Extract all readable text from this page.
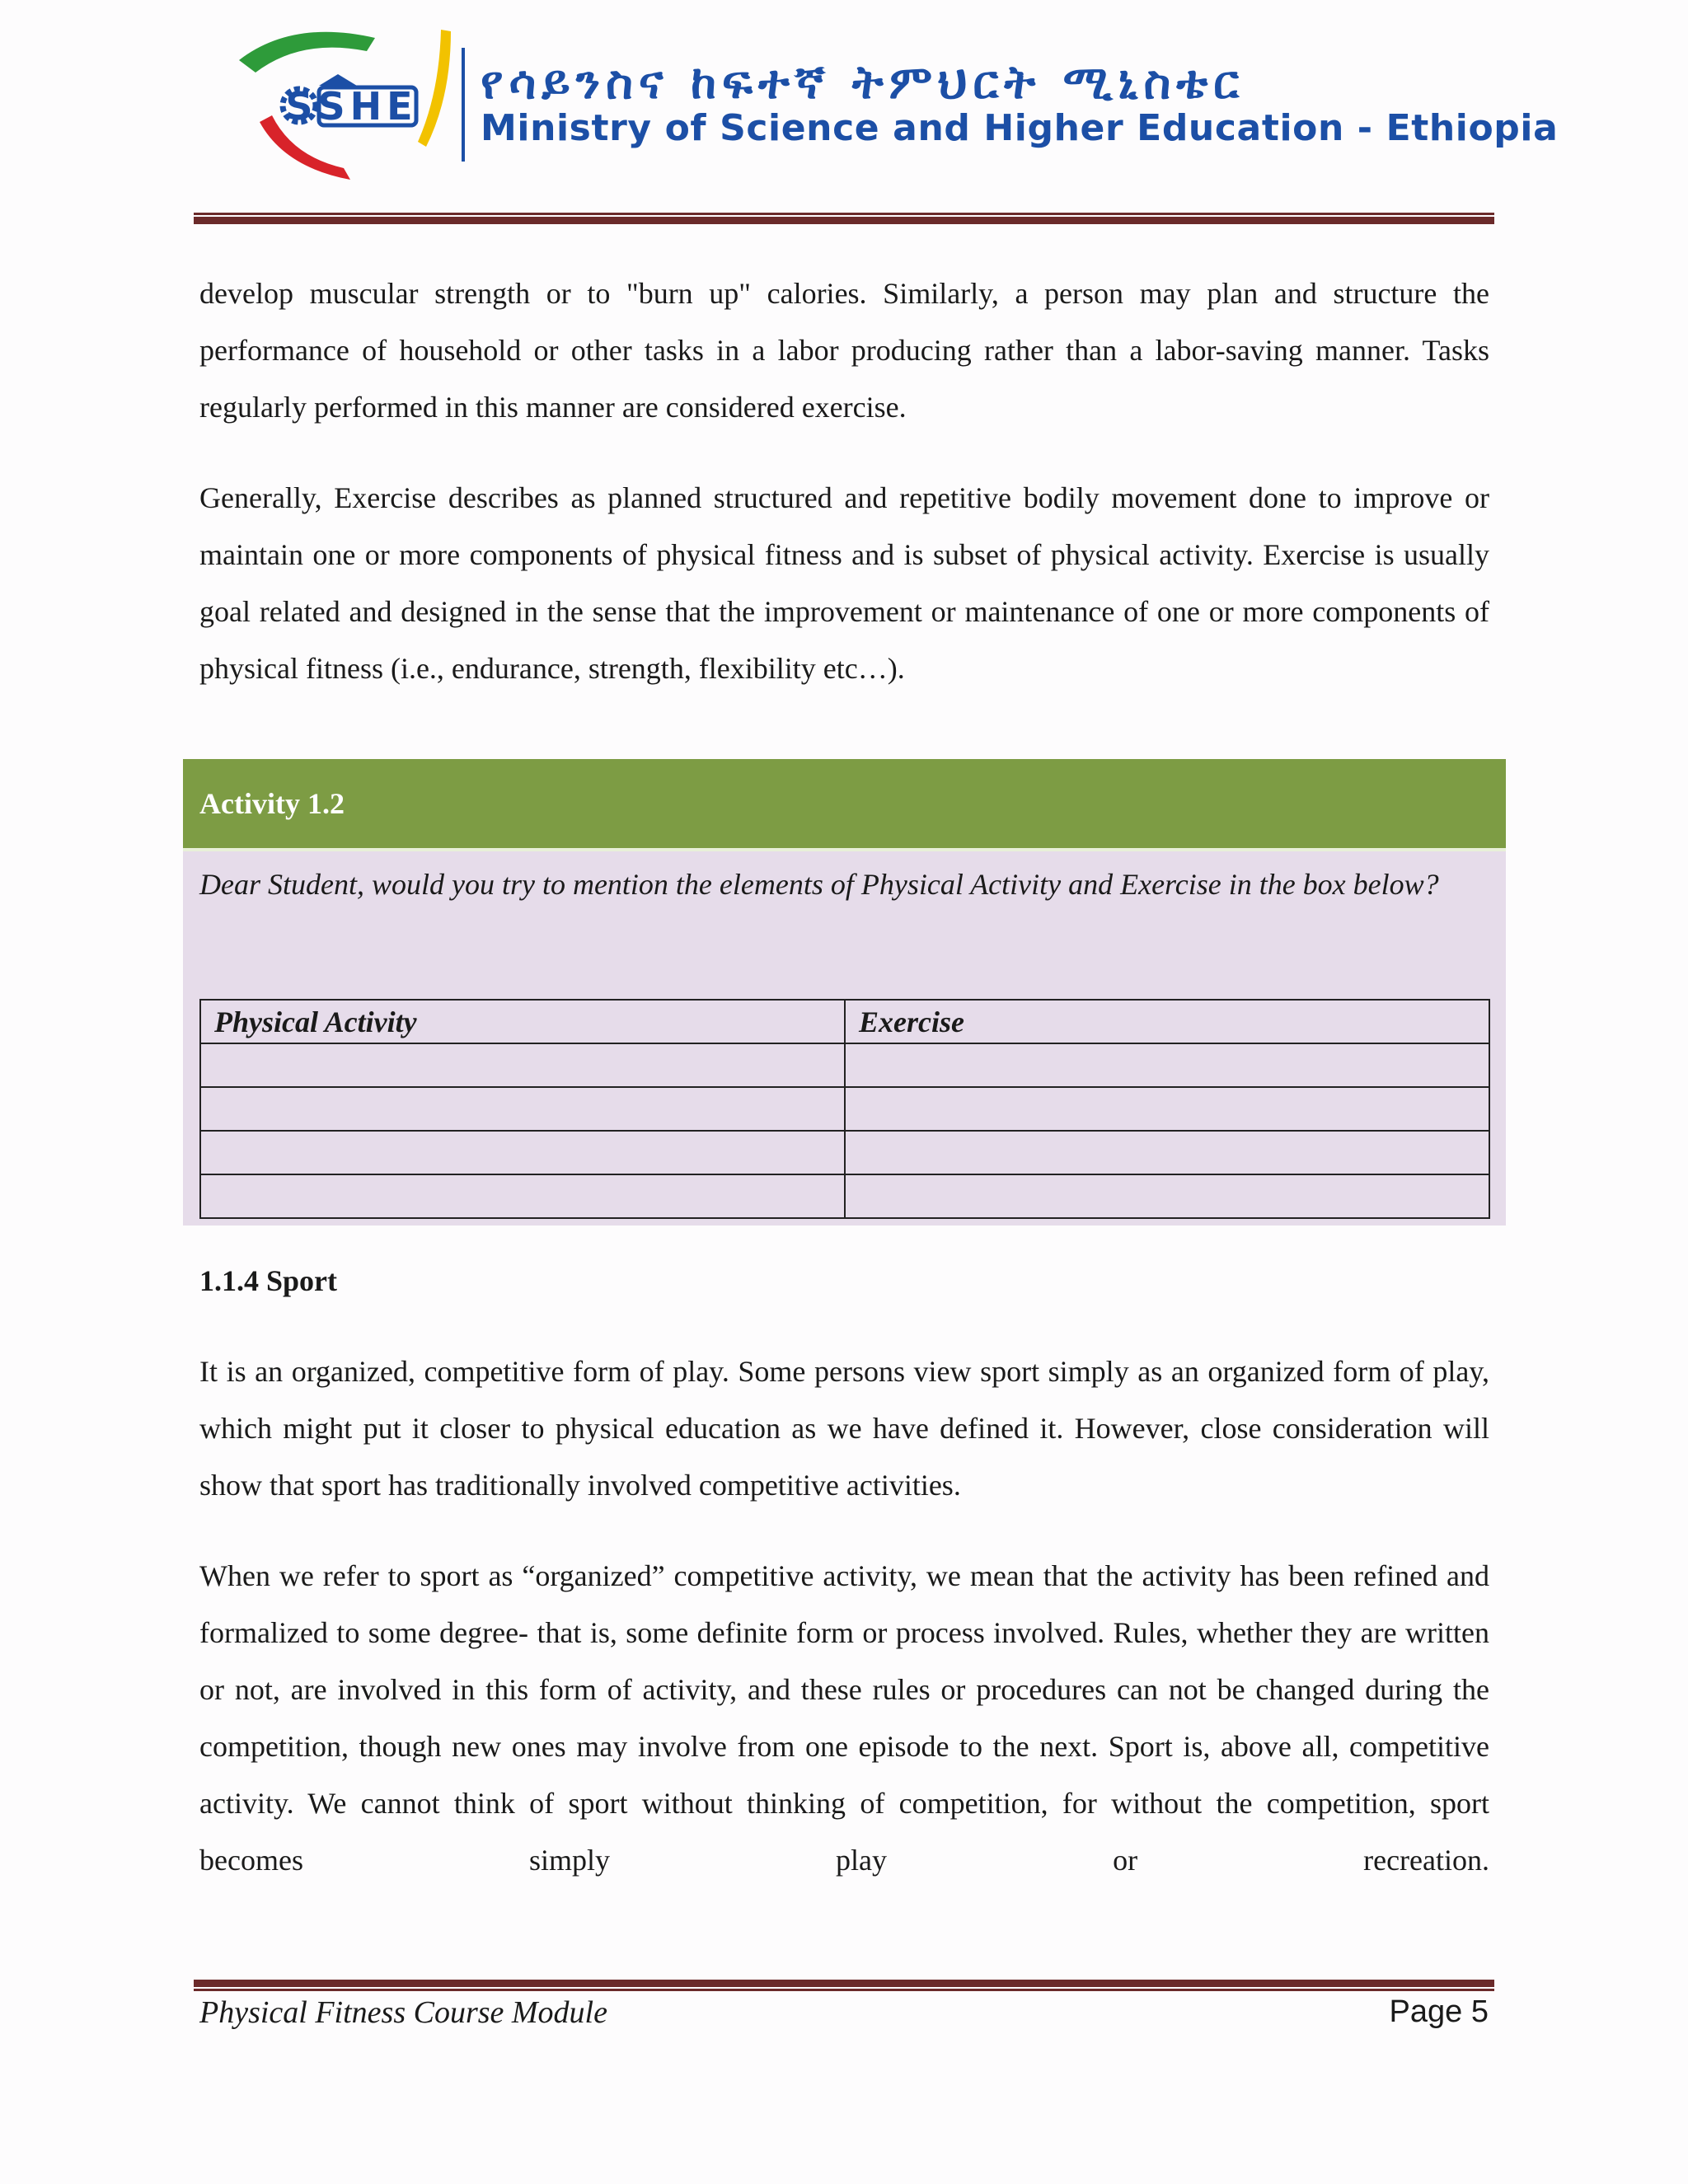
S SHE የሳይንስና ከፍተኛ ትምህርት ሚኒስቴር
Ministry of Science and Higher Education - Ethiopia

develop muscular strength or to "burn up" calories. Similarly, a person may plan and structure the performance of household or other tasks in a labor producing rather than a labor-saving manner. Tasks regularly performed in this manner are considered exercise.

Generally, Exercise describes as planned structured and repetitive bodily movement done to improve or maintain one or more components of physical fitness and is subset of physical activity. Exercise is usually goal related and designed in the sense that the improvement or maintenance of one or more components of physical fitness (i.e., endurance, strength, flexibility etc…).

Activity 1.2

Dear Student, would you try to mention the elements of Physical Activity and Exercise in the box below?

Physical Activity	Exercise

1.1.4 Sport

It is an organized, competitive form of play. Some persons view sport simply as an organized form of play, which might put it closer to physical education as we have defined it. However, close consideration will show that sport has traditionally involved competitive activities.

When we refer to sport as “organized” competitive activity, we mean that the activity has been refined and formalized to some degree- that is, some definite form or process involved. Rules, whether they are written or not, are involved in this form of activity, and these rules or procedures can not be changed during the competition, though new ones may involve from one episode to the next. Sport is, above all, competitive activity. We cannot think of sport without thinking of competition, for without the competition, sport becomes simply play or recreation.

Physical Fitness Course Module	Page 5
